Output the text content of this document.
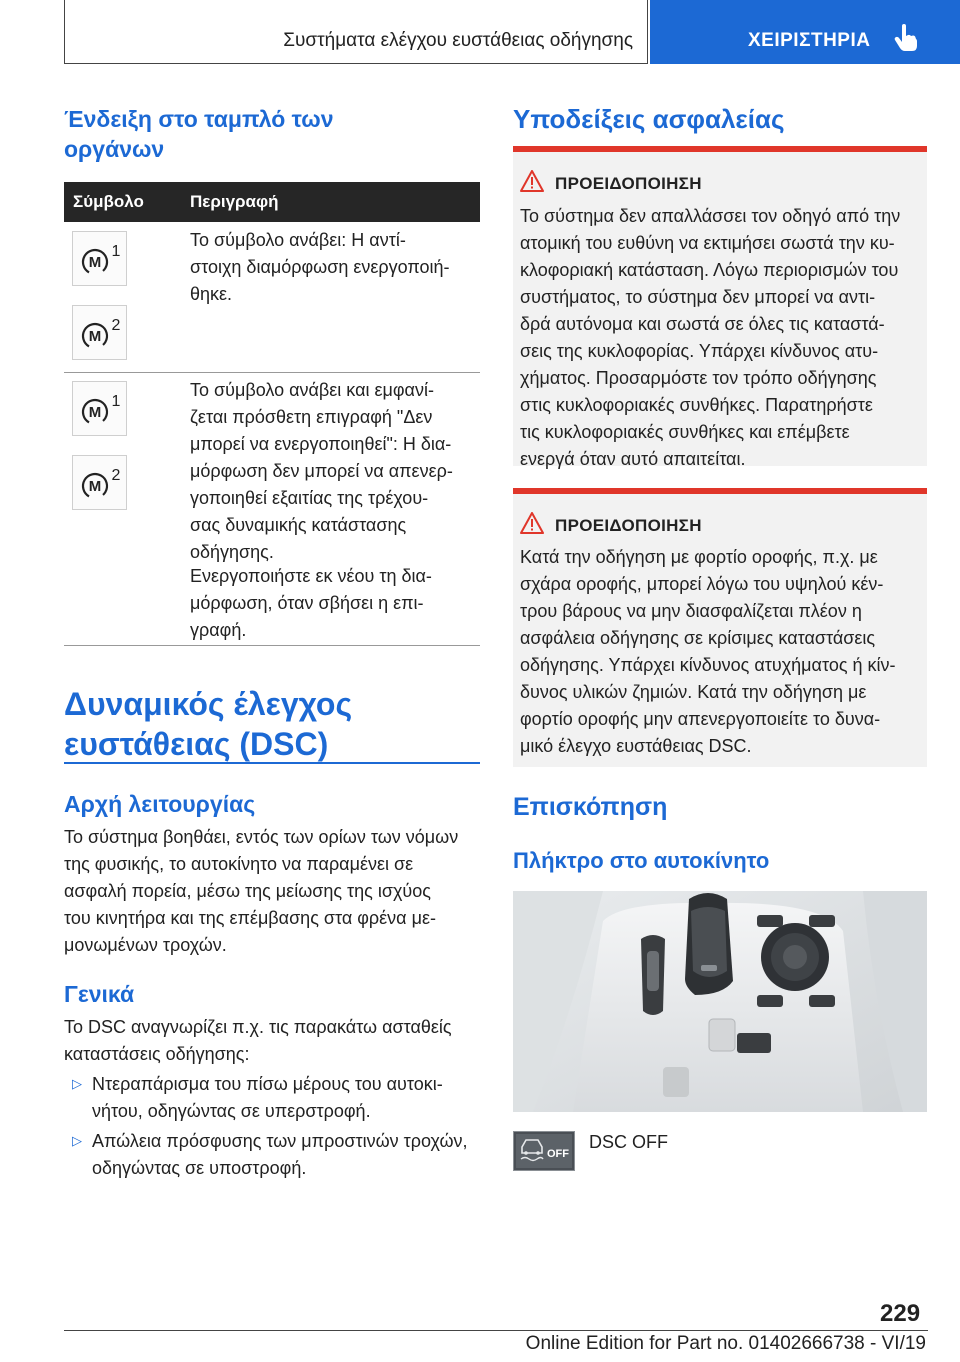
Συστήματα ελέγχου ευστάθειας οδήγησης	ΧΕΙΡΙΣΤΗΡΙΑ
Ένδειξη στο ταμπλό των
οργάνων
Σύμβολο	Περιγραφή
M
1
M
2
Το σύμβολο ανάβει: Η αντί-
στοιχη διαμόρφωση ενεργοποιή-
θηκε.
M
1
M
2
Το σύμβολο ανάβει και εμφανί-
ζεται πρόσθετη επιγραφή "Δεν
μπορεί να ενεργοποιηθεί": Η δια-
μόρφωση δεν μπορεί να απενερ-
γοποιηθεί εξαιτίας της τρέχου-
σας δυναμικής κατάστασης
οδήγησης.
Ενεργοποιήστε εκ νέου τη δια-
μόρφωση, όταν σβήσει η επι-
γραφή.
Δυναμικός έλεγχος
ευστάθειας (DSC)
Αρχή λειτουργίας
Το σύστημα βοηθάει, εντός των ορίων των νόμων
της φυσικής, το αυτοκίνητο να παραμένει σε
ασφαλή πορεία, μέσω της μείωσης της ισχύος
του κινητήρα και της επέμβασης στα φρένα με-
μονωμένων τροχών.
Γενικά
Το DSC αναγνωρίζει π.χ. τις παρακάτω ασταθείς
καταστάσεις οδήγησης:
▷ Ντεραπάρισμα του πίσω μέρους του αυτοκι-
νήτου, οδηγώντας σε υπερστροφή.
▷ Απώλεια πρόσφυσης των μπροστινών τροχών,
οδηγώντας σε υποστροφή.
Υποδείξεις ασφαλείας
ΠΡΟΕΙΔΟΠΟΙΗΣΗ
Το σύστημα δεν απαλλάσσει τον οδηγό από την
ατομική του ευθύνη να εκτιμήσει σωστά την κυ-
κλοφοριακή κατάσταση. Λόγω περιορισμών του
συστήματος, το σύστημα δεν μπορεί να αντι-
δρά αυτόνομα και σωστά σε όλες τις καταστά-
σεις της κυκλοφορίας. Υπάρχει κίνδυνος ατυ-
χήματος. Προσαρμόστε τον τρόπο οδήγησης
στις κυκλοφοριακές συνθήκες. Παρατηρήστε
τις κυκλοφοριακές συνθήκες και επέμβετε
ενεργά όταν αυτό απαιτείται.
ΠΡΟΕΙΔΟΠΟΙΗΣΗ
Κατά την οδήγηση με φορτίο οροφής, π.χ. με
σχάρα οροφής, μπορεί λόγω του υψηλού κέν-
τρου βάρους να μην διασφαλίζεται πλέον η
ασφάλεια οδήγησης σε κρίσιμες καταστάσεις
οδήγησης. Υπάρχει κίνδυνος ατυχήματος ή κίν-
δυνος υλικών ζημιών. Κατά την οδήγηση με
φορτίο οροφής μην απενεργοποιείτε το δυνα-
μικό έλεγχο ευστάθειας DSC.
Επισκόπηση
Πλήκτρο στο αυτοκίνητο
OFF
DSC OFF
229
Online Edition for Part no. 01402666738 - VI/19
